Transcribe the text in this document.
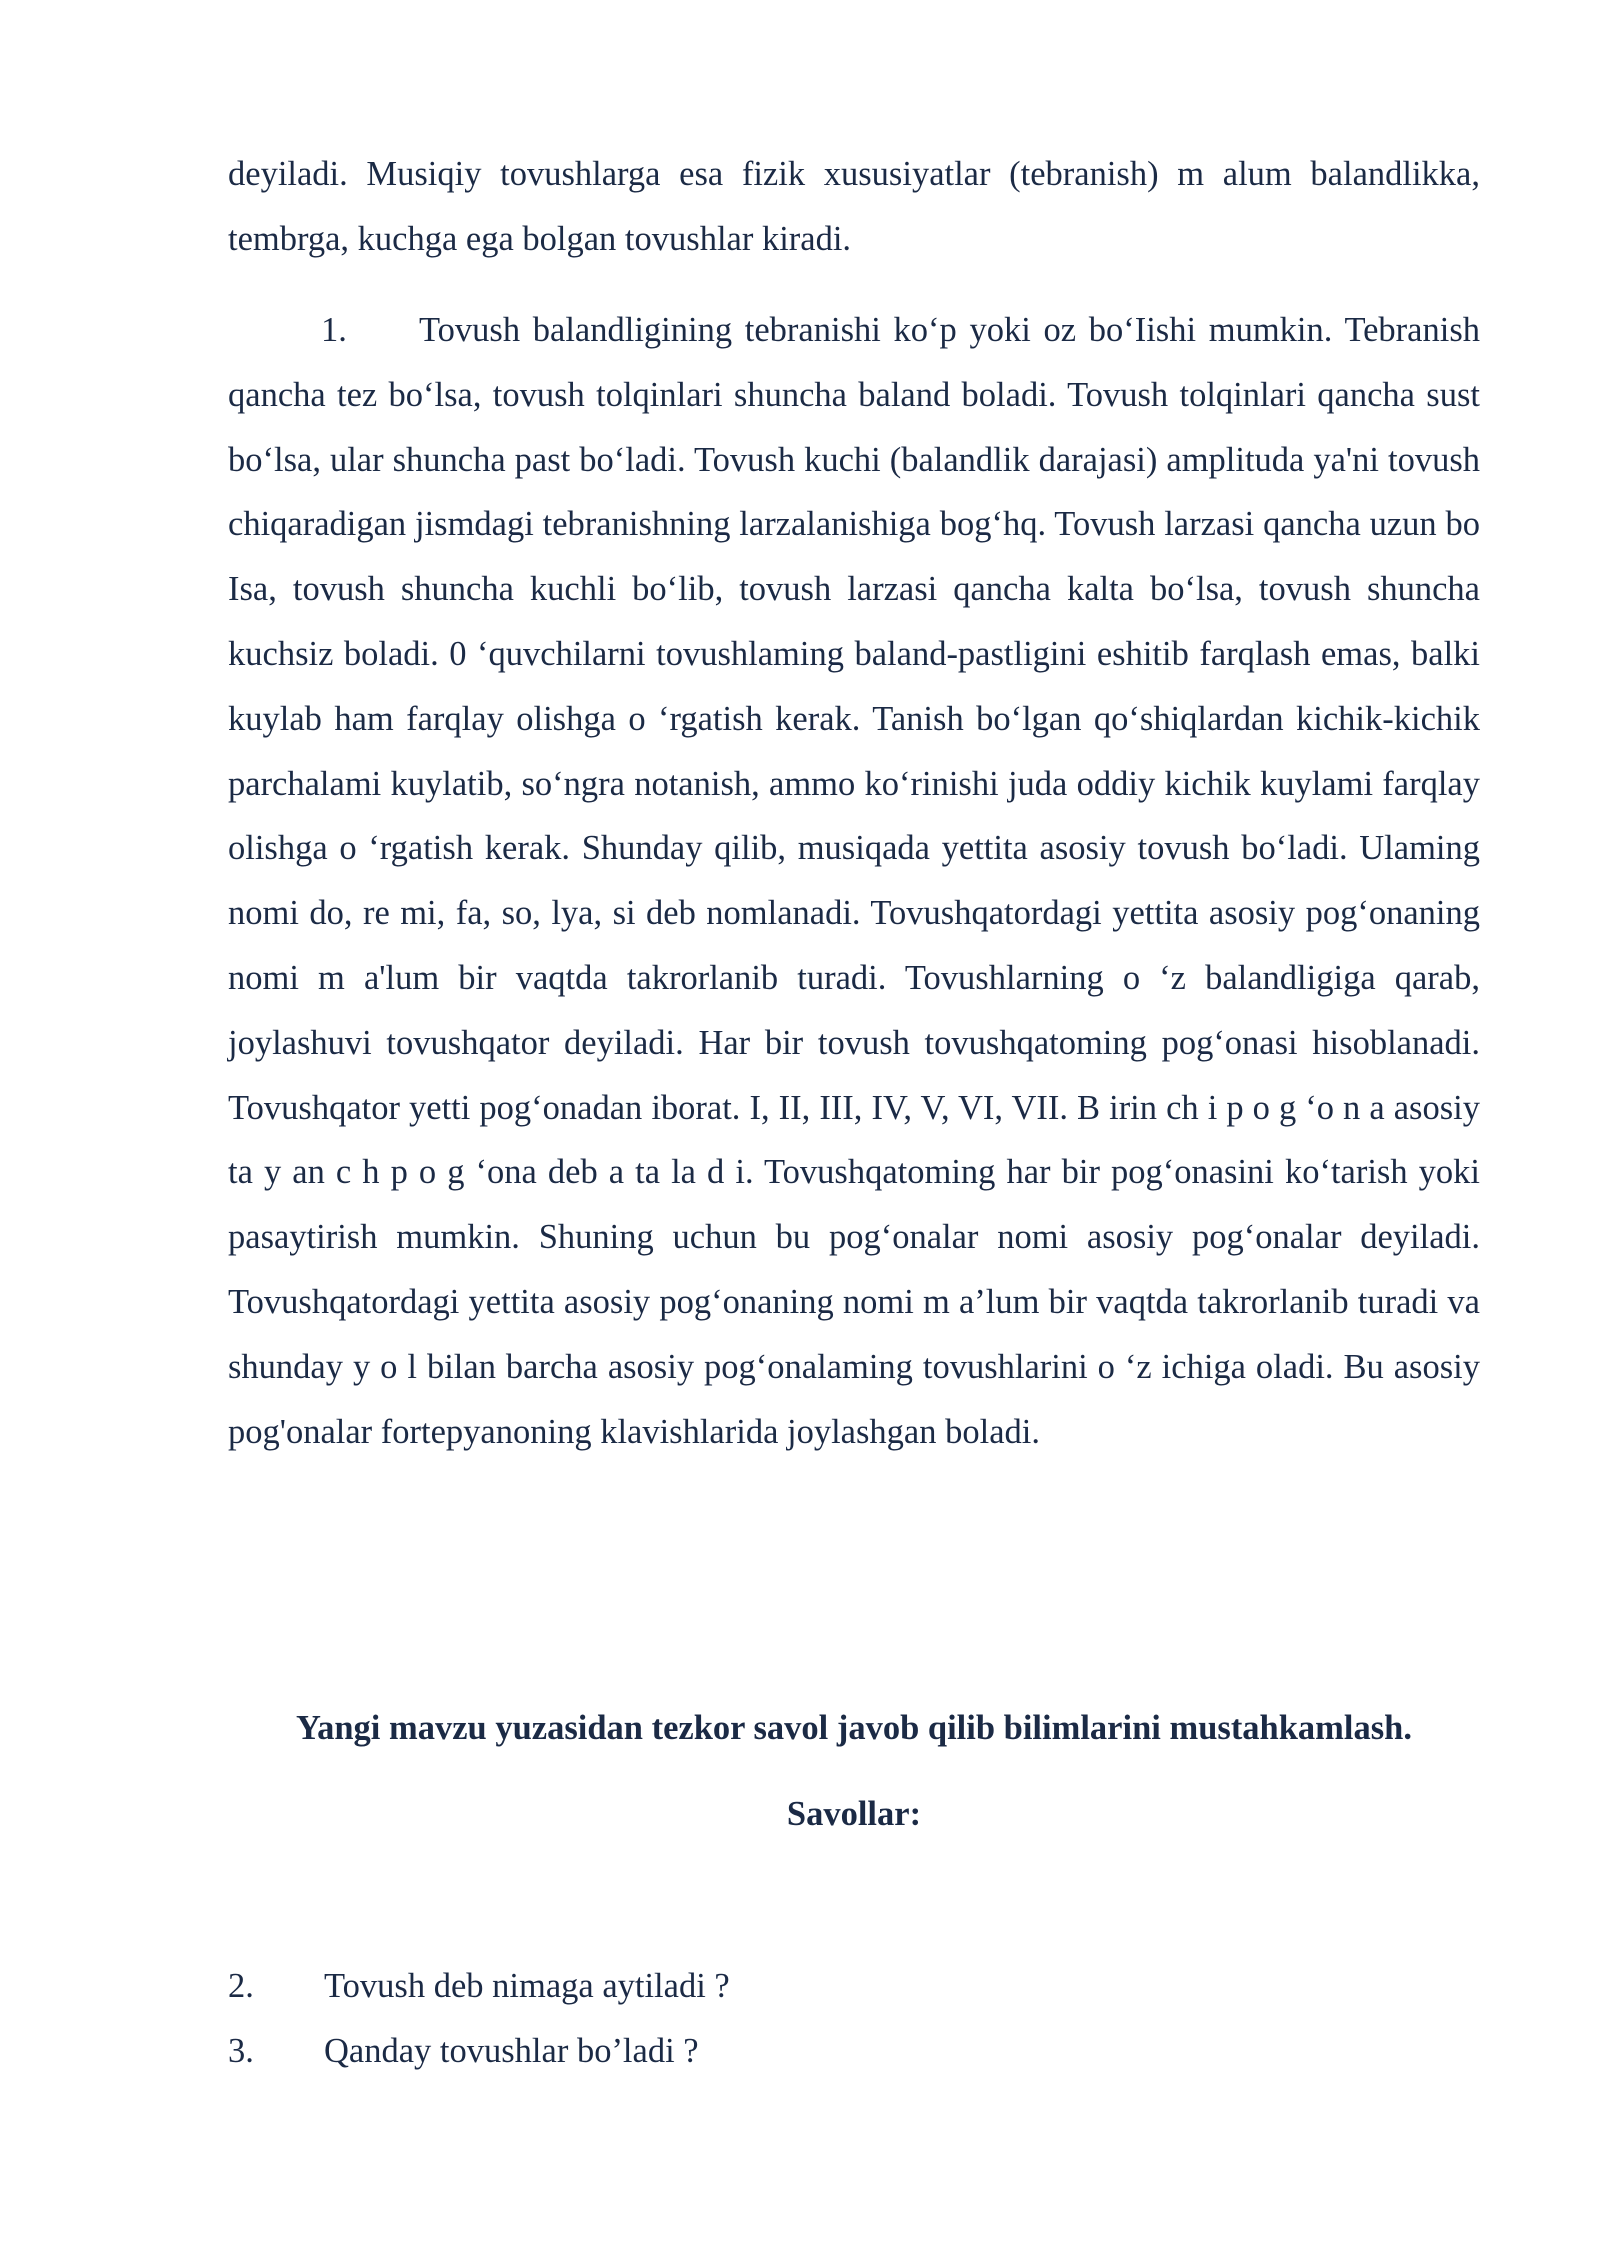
deyiladi. Musiqiy tovushlarga esa fizik xususiyatlar (tebranish) m alum balandlikka, tembrga, kuchga ega bolgan tovushlar kiradi.

1. Tovush balandligining tebranishi ko‘p yoki oz bo‘Iishi mumkin. Tebranish qancha tez bo‘lsa, tovush tolqinlari shuncha baland boladi. Tovush tolqinlari qancha sust bo‘lsa, ular shuncha past bo‘ladi. Tovush kuchi (balandlik darajasi) amplituda ya'ni tovush chiqaradigan jismdagi tebranishning larzalanishiga bog‘hq. Tovush larzasi qancha uzun bo Isa, tovush shuncha kuchli bo‘lib, tovush larzasi qancha kalta bo‘lsa, tovush shuncha kuchsiz boladi. 0 ‘quvchilarni tovushlaming baland-pastligini eshitib farqlash emas, balki kuylab ham farqlay olishga o ‘rgatish kerak. Tanish bo‘lgan qo‘shiqlardan kichik-kichik parchalami kuylatib, so‘ngra notanish, ammo ko‘rinishi juda oddiy kichik kuylami farqlay olishga o ‘rgatish kerak. Shunday qilib, musiqada yettita asosiy tovush bo‘ladi. Ulaming nomi do, re mi, fa, so, lya, si deb nomlanadi. Tovushqatordagi yettita asosiy pog‘onaning nomi m a'lum bir vaqtda takrorlanib turadi. Tovushlarning o ‘z balandligiga qarab, joylashuvi tovushqator deyiladi. Har bir tovush tovushqatoming pog‘onasi hisoblanadi. Tovushqator yetti pog‘onadan iborat. I, II, III, IV, V, VI, VII. B irin ch i p o g ‘o n a asosiy ta y an c h p o g ‘ona deb a ta la d i. Tovushqatoming har bir pog‘onasini ko‘tarish yoki pasaytirish mumkin. Shuning uchun bu pog‘onalar nomi asosiy pog‘onalar deyiladi. Tovushqatordagi yettita asosiy pog‘onaning nomi m a’lum bir vaqtda takrorlanib turadi va shunday y o l bilan barcha asosiy pog‘onalaming tovushlarini o ‘z ichiga oladi. Bu asosiy pog'onalar fortepyanoning klavishlarida joylashgan boladi.

Yangi mavzu yuzasidan tezkor savol javob qilib bilimlarini mustahkamlash.
Savollar:
2. Tovush deb nimaga aytiladi ?
3. Qanday tovushlar bo’ladi ?
